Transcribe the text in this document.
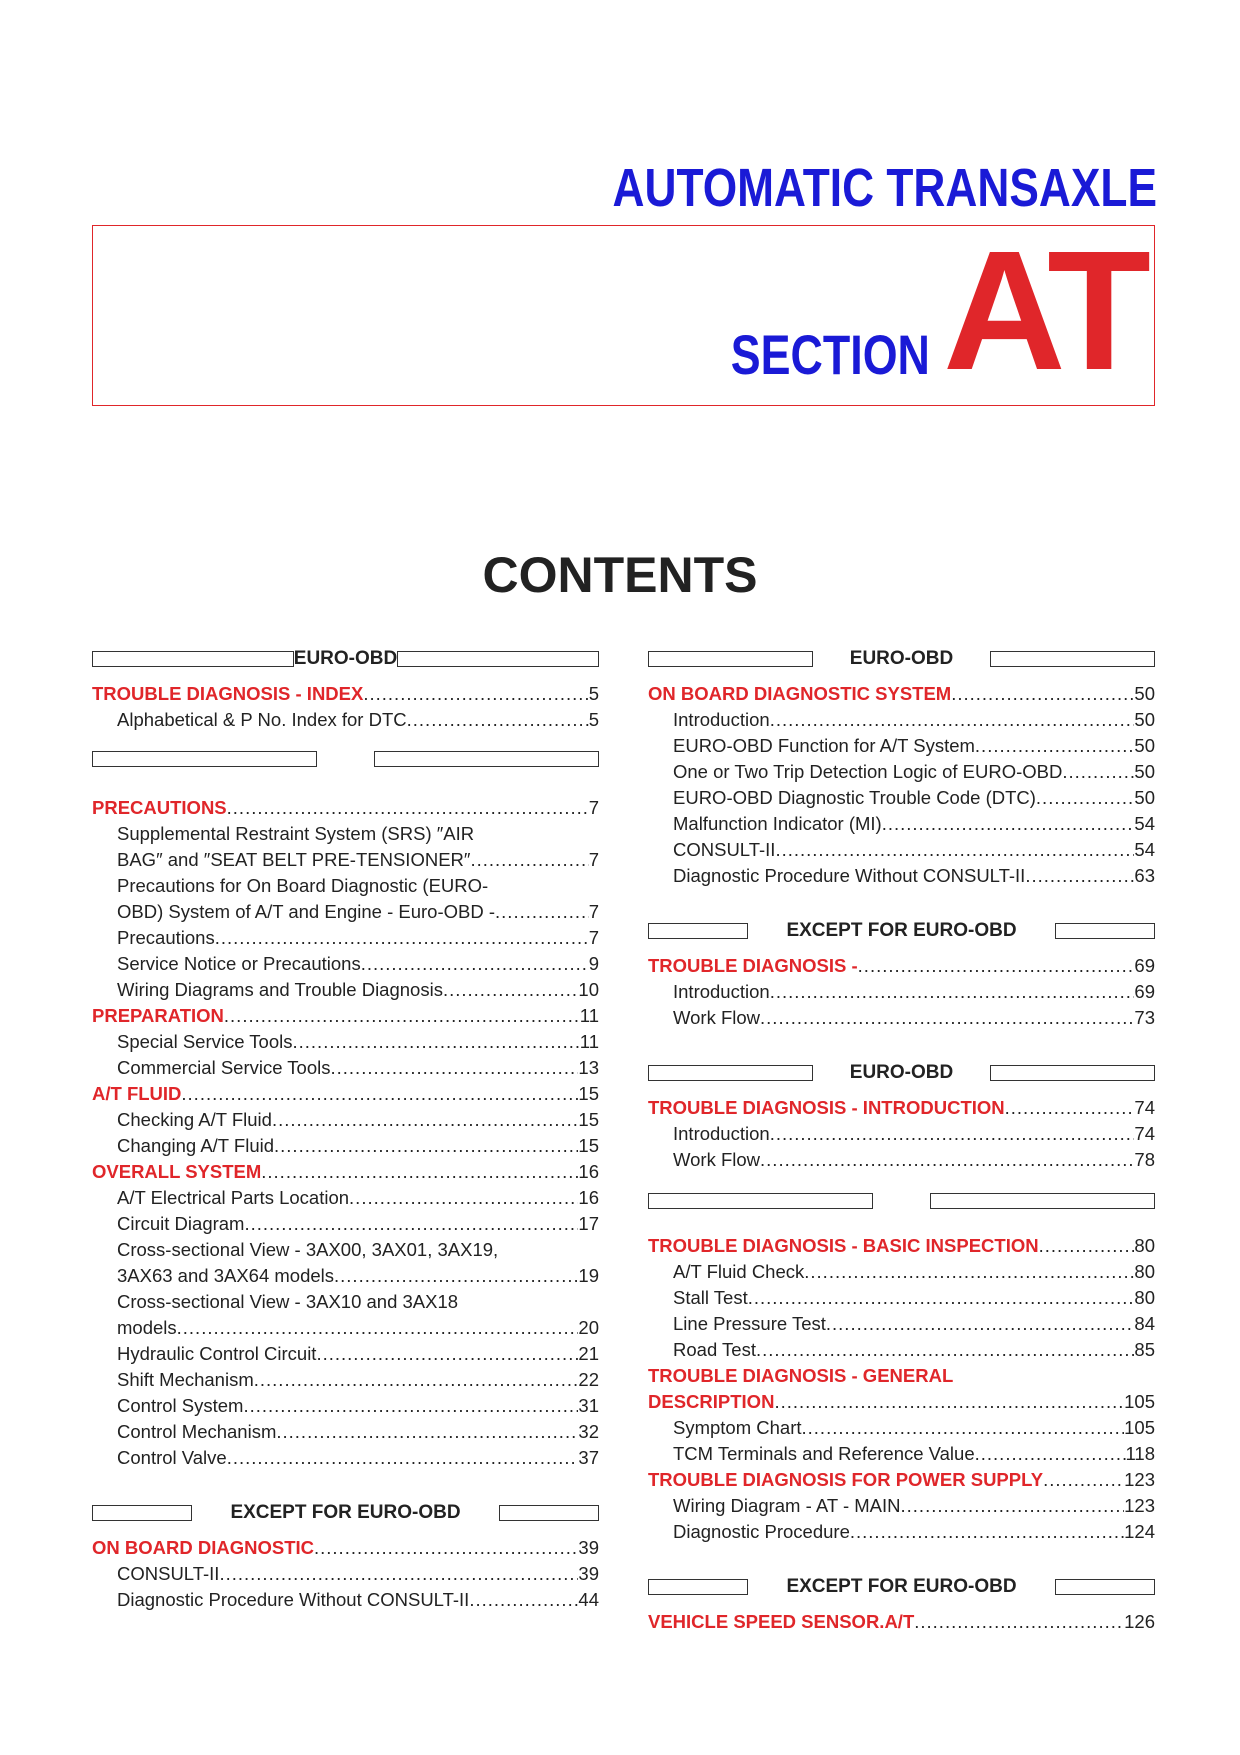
AUTOMATIC TRANSAXLE
SECTION AT
CONTENTS
EURO-OBD
TROUBLE DIAGNOSIS - INDEX .....	5
Alphabetical & P No. Index for DTC .....	5
PRECAUTIONS .....	7
Supplemental Restraint System (SRS) ″AIR
BAG″ and ″SEAT BELT PRE-TENSIONER″ .....	7
Precautions for On Board Diagnostic (EURO-
OBD) System of A/T and Engine - Euro-OBD - .....	7
Precautions .....	7
Service Notice or Precautions .....	9
Wiring Diagrams and Trouble Diagnosis .....	10
PREPARATION .....	11
Special Service Tools .....	11
Commercial Service Tools .....	13
A/T FLUID .....	15
Checking A/T Fluid .....	15
Changing A/T Fluid .....	15
OVERALL SYSTEM .....	16
A/T Electrical Parts Location .....	16
Circuit Diagram .....	17
Cross-sectional View - 3AX00, 3AX01, 3AX19,
3AX63 and 3AX64 models .....	19
Cross-sectional View - 3AX10 and 3AX18
models .....	20
Hydraulic Control Circuit .....	21
Shift Mechanism .....	22
Control System .....	31
Control Mechanism .....	32
Control Valve .....	37
EXCEPT FOR EURO-OBD
ON BOARD DIAGNOSTIC .....	39
CONSULT-II .....	39
Diagnostic Procedure Without CONSULT-II .....	44
EURO-OBD
ON BOARD DIAGNOSTIC SYSTEM .....	50
Introduction .....	50
EURO-OBD Function for A/T System .....	50
One or Two Trip Detection Logic of EURO-OBD .....	50
EURO-OBD Diagnostic Trouble Code (DTC) .....	50
Malfunction Indicator (MI) .....	54
CONSULT-II .....	54
Diagnostic Procedure Without CONSULT-II .....	63
EXCEPT FOR EURO-OBD
TROUBLE DIAGNOSIS - .....	69
Introduction .....	69
Work Flow .....	73
EURO-OBD
TROUBLE DIAGNOSIS - INTRODUCTION .....	74
Introduction .....	74
Work Flow .....	78
TROUBLE DIAGNOSIS - BASIC INSPECTION .....	80
A/T Fluid Check .....	80
Stall Test .....	80
Line Pressure Test .....	84
Road Test .....	85
TROUBLE DIAGNOSIS - GENERAL
DESCRIPTION .....	105
Symptom Chart .....	105
TCM Terminals and Reference Value .....	118
TROUBLE DIAGNOSIS FOR POWER SUPPLY .....	123
Wiring Diagram - AT - MAIN .....	123
Diagnostic Procedure .....	124
EXCEPT FOR EURO-OBD
VEHICLE SPEED SENSOR.A/T .....	126
